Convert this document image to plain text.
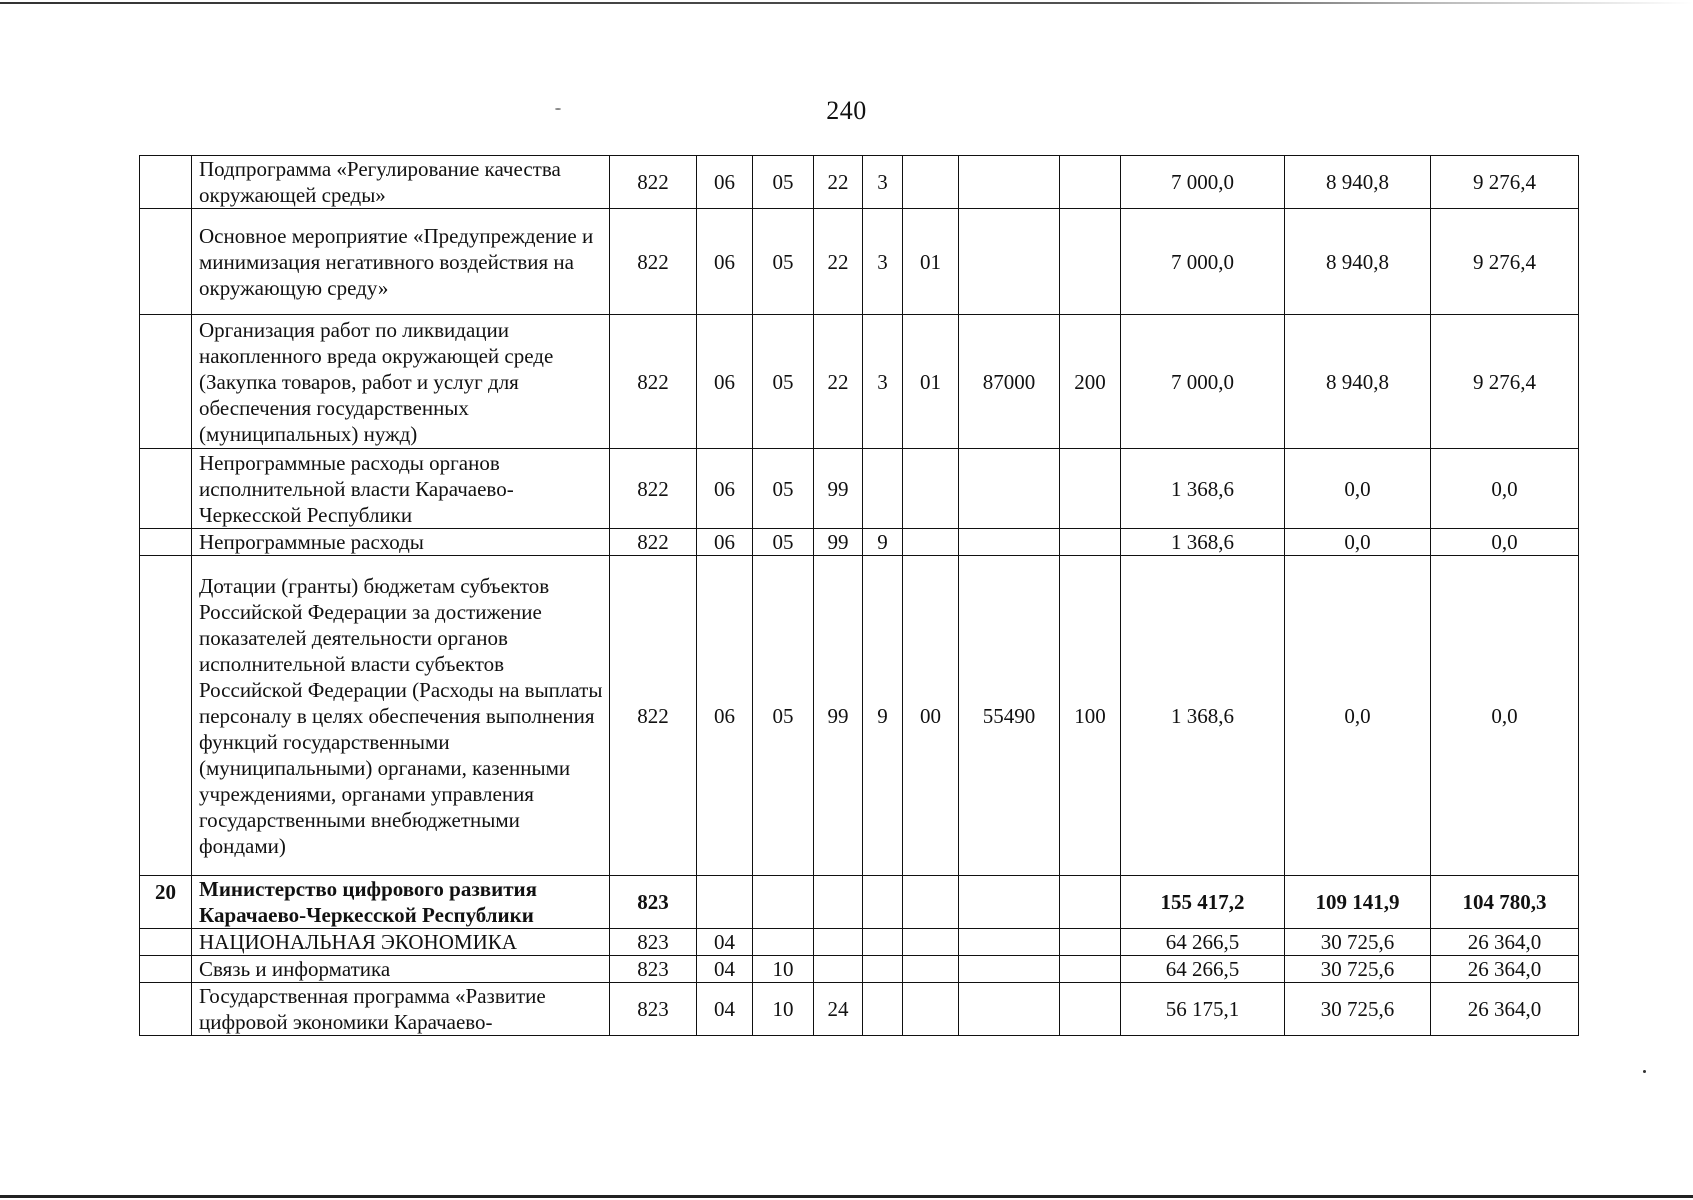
240
	Подпрограмма «Регулирование качества окружающей среды»	822	06	05	22	3				7 000,0	8 940,8	9 276,4
	Основное мероприятие «Предупреждение и минимизация негативного воздействия на окружающую среду»	822	06	05	22	3	01			7 000,0	8 940,8	9 276,4
	Организация работ по ликвидации накопленного вреда окружающей среде (Закупка товаров, работ и услуг для обеспечения государственных (муниципальных) нужд)	822	06	05	22	3	01	87000	200	7 000,0	8 940,8	9 276,4
	Непрограммные расходы органов исполнительной власти Карачаево-Черкесской Республики	822	06	05	99					1 368,6	0,0	0,0
	Непрограммные расходы	822	06	05	99	9				1 368,6	0,0	0,0
	Дотации (гранты) бюджетам субъектов Российской Федерации за достижение показателей деятельности органов исполнительной власти субъектов Российской Федерации (Расходы на выплаты персоналу в целях обеспечения выполнения функций государственными (муниципальными) органами, казенными учреждениями, органами управления государственными внебюджетными фондами)	822	06	05	99	9	00	55490	100	1 368,6	0,0	0,0
20	Министерство цифрового развития Карачаево-Черкесской Республики	823								155 417,2	109 141,9	104 780,3
	НАЦИОНАЛЬНАЯ ЭКОНОМИКА	823	04							64 266,5	30 725,6	26 364,0
	Связь и информатика	823	04	10						64 266,5	30 725,6	26 364,0
	Государственная программа «Развитие цифровой экономики Карачаево-	823	04	10	24					56 175,1	30 725,6	26 364,0
